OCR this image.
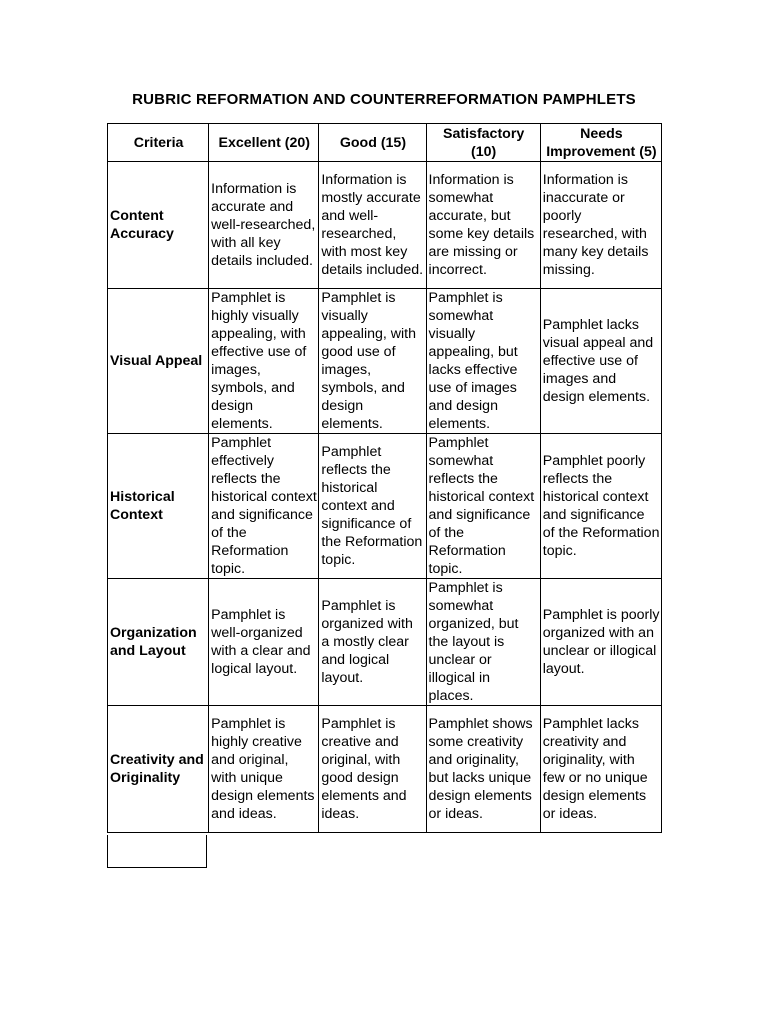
RUBRIC REFORMATION AND COUNTERREFORMATION PAMPHLETS
Criteria	Excellent (20)	Good (15)	Satisfactory (10)	Needs Improvement (5)
Content Accuracy	Information is accurate and well-researched, with all key details included.	Information is mostly accurate and well-researched, with most key details included.	Information is somewhat accurate, but some key details are missing or incorrect.	Information is inaccurate or poorly researched, with many key details missing.
Visual Appeal	Pamphlet is highly visually appealing, with effective use of images, symbols, and design elements.	Pamphlet is visually appealing, with good use of images, symbols, and design elements.	Pamphlet is somewhat visually appealing, but lacks effective use of images and design elements.	Pamphlet lacks visual appeal and effective use of images and design elements.
Historical Context	Pamphlet effectively reflects the historical context and significance of the Reformation topic.	Pamphlet reflects the historical context and significance of the Reformation topic.	Pamphlet somewhat reflects the historical context and significance of the Reformation topic.	Pamphlet poorly reflects the historical context and significance of the Reformation topic.
Organization and Layout	Pamphlet is well-organized with a clear and logical layout.	Pamphlet is organized with a mostly clear and logical layout.	Pamphlet is somewhat organized, but the layout is unclear or illogical in places.	Pamphlet is poorly organized with an unclear or illogical layout.
Creativity and Originality	Pamphlet is highly creative and original, with unique design elements and ideas.	Pamphlet is creative and original, with good design elements and ideas.	Pamphlet shows some creativity and originality, but lacks unique design elements or ideas.	Pamphlet lacks creativity and originality, with few or no unique design elements or ideas.
